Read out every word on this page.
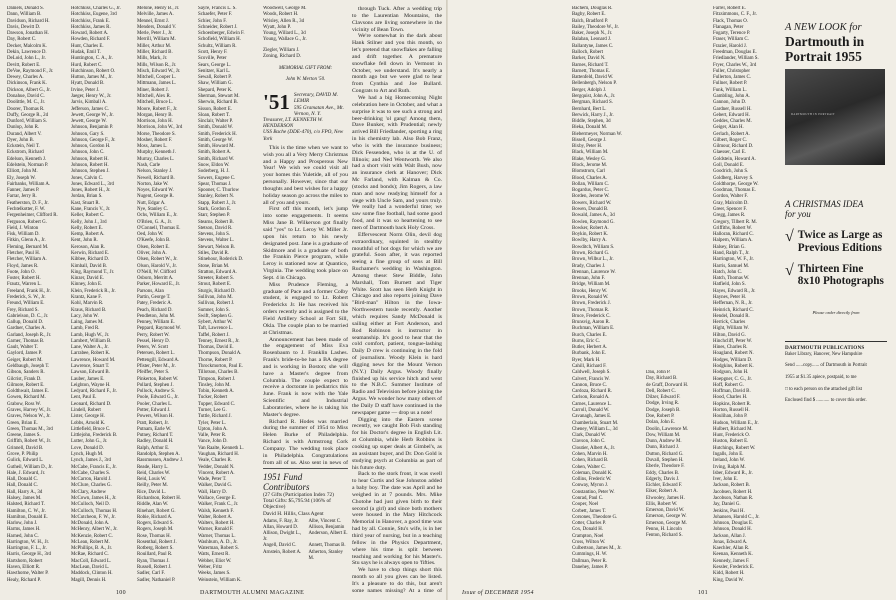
Daniels, Donald S.
Dann, William B.
Davidson, Richard H.
Davis, Dewitt D.
Dawson, Jonathan H.
Day, Robert C.
Decker, Malcolm K.
Dekin, Lawrence D.
DeLoid, John L., Jr.
Devitt, Robert E.
DeVoe, Raymond F., Jr.
Dewey, Charles A.
Dickinson, Frank K.
Dickson, Albert G., Jr.
Donahue, David C.
Doolittle, M. C., Jr.
Doorer, Thomas R.
Duffy, George R., 2d
Dunford, William S.
Dunlop, John R.
Durand, Albert V.
Dyer, John B.
Eckstein, Neil T.
Eckstrom, Richard
Edelson, Kenneth J.
Edelstein, Norman P.
Elliott, John M.
Ely, Joseph W.
Fairbanks, William A.
Fanner, James P.
Farrar, Jerry R.
Featherston, D. F., Jr.
Fechtelkotter, F. W.
Fergenheimer, Clifford R.
Ferguson, Robert G.
Field, J. Winton
Fisk, William D.
Fitkin, Glenn A., Jr.
Fleming, Bernard M.
Fletcher, Paul H.
Fletcher, William A.
Floyd, James R.
Foote, John O.
Foster, Robert H.
Frautz, Warren L.
Freeland, Frank H., Jr.
Frederick, S. W., Jr.
Freund, William E.
Frey, Richard S.
Gabrielson, D. C., Jr.
Gallup, Donald D.
Gardner, Charles A.
Garland, Joseph R., Jr.
Garner, Thomas B.
Gault, Walter T.
Gaylord, James P.
Geiger, Robert M.
Geldbaugh, Joseph T.
Gibson, Sanders R.
Gilcrist, Frank D.
Gilmore, Robert E.
Goldthwait, James E.
Gowen, Richard M.
Grabow, Ross W.
Graves, Harvey W., Jr.
Graves, Nelson W., Jr.
Green, Brian E.
Green, Thomas M., 3rd
Greene, James S.
Griffith, Robert W., Jr.
Grinnell, David B.
Grove, P. Philip
Gulick, Edward L.
Gutheil, William D., Jr.
Hale, J. Edward, Jr.
Hall, Donald C.
Hall, Donald C.
Hall, Harry A., 3d
Halsey, James M.
Halsted, Richard T.
Hamilton, C. W., Jr.
Hamilton, Donald E.
Harlow, John J.
Harms, James H.
Harned, John C.
Harrington, W. H., Jr.
Harrington, F. L., Jr.
Harris, George H., 3rd
Hartshorn, Robert
Haven, Elliott R.
Hawthorne, Walter P.
Healy, Richard P.
Hotchkiss, Charles G., Jr.
Hotchkiss, Eugene, 3rd
Hotchkiss, Frank E.
Hotchkiss, James R.
Howard, Robert A.
Howden, Richard F.
Hunt, Charles E.
Hudak, Emil T.
Huntington, C. A., Jr.
Hurd, Robert C.
Hutchinson, Robert O.
Hutton, James M., Jr.
Hyatt, Donald B.
Irvine, Peter J.
Jaeger, Henry W., Jr.
Jarvis, Kimball A.
Jefferson, James C.
Jewett, George W., Jr.
Jewett, George W.
Johnson, Benjamin P.
Johnson, Gary S.
Johnson, George F., Jr.
Johnson, Gordon H.
Johnson, John C.
Johnson, Robert H.
Johnson, Robert H.
Johnson, Stephen J.
Jones, Calvin C.
Jones, Edward L., 3rd
Jones, Robert H., Jr.
Jordan, Brian S.
Kast, Stuart R.
Kane, Francis V., Jr.
Keller, Robert C.
Kelly, John J., 3rd
Kelly, Robert E.
Kemp, Robert A.
Kent, John R.
Keroson, Alan R.
Kerwin, Richard E.
Kibbee, Richard D.
Kimball, David B.
King, Raymond T., Jr.
Kinzer, David E.
Kinney, John E.
Klein, Frederick R., Jr.
Krantz, Kane F.
Kohl, Marvin R.
Kraus, Richard B.
Lacy, John W.
Laing, James M.
Lamb, Fred R.
Lamb, Hugh W., Jr.
Lambert, William B.
Lane, Walter A., Jr.
Larrabee, Robert K.
Lawrence, Howard M.
Lawrence, Stuart T.
Lawson, Edward B.
Lauber, James E.
Leighton, Wayne H.
Ledyard, Richard F., Jr.
Lent, Paul E.
Leonard, Richard D.
Lindell, Robert
Lister, George H.
Lobbs, Arnold K.
Littlefield, Bruce C.
Littlejohn, Frederick B.
Lutter, John G., Jr.
Love, Donald D.
Lynch, Hugh M.
Lynch, James J., 3rd
McCabe, Francis E., Jr.
McCabe, Charles S.
McCarron, Harold J.
McClure, Charles G.
McClary, Andrew
McCown, James H., Jr.
McCulloch, Neil D.
McCulloch, Thomas H.
McCutcheon, F. W., Jr.
McDonald, John A.
McHenry, Albert W., Jr.
McKenzie, Robert C.
McLean, Robert M.
McPhillips, B. A., Jr.
McRae, Richard C.
MacColl, Edward L.
MacLean, David L.
Maddock, Clinton H.
Magill, Dennis H.
Melone, Henry B., Jr.
Melville, James A.
Mennel, Ernst J.
Menders, Donald V.
Merle, Peter J., Jr.
Merrill, William M.
Miller, Arthur M.
Miller, Richard B.
Mills, Mark, Jr.
Mills, Wilson R., Jr.
Misch, Edward W., Jr.
Mitchell, Cooper L.
Mittmann, James L.
Miner, Robert J.
Mitchell, Alex R.
Mitchell, Bruce L.
Moore, Robert F., Jr.
Morgan, Henry B.
Morrison, John H.
Morrison, John W., 3rd
Morse, Theodore S.
Mosher, Robert F.
Moss, James L.
Murphy, Kenneth J.
Murray, Charles L.
Nash, Carle
Nelson, Stanley J.
Newell, Richard B.
Norton, Jake W.
Noyes, Edward W.
Nugent, George R.
Nutt, Edgar A.
Nye, Stanley C.
Ochs, William E., Jr.
O'Brien, G. A., Jr.
O'Connell, Thomas E.
Oed, John W.
O'Keefe, John B.
Olsen, Robert E.
Oliver, John A.
Olsen, Robert W., Jr.
Olson, Harold V., Jr.
O'Neill, W. Clifford
Osborn, Merritt A.
Parker, Howard E., Jr.
Parsons, Alan
Partin, George T.
Patey, Frederic A.
Peach, Richard D.
Pendleton, John M.
Penney, William E.
Peppard, Raymond W.
Perry, Robert W.
Pessel, Henry D.
Peters, W. Scott
Petersen, Robert L.
Pettengill, Edward A.
Pfister, Peter M., Jr.
Pfeiffer, Peter S.
Pinkerton, Robert W.
Pollard, Stephen J.
Pollock, Andrew S.
Poole, Edward G., Jr.
Pooler, Charles L.
Potter, Edward J.
Powers, Wilson H.
Pratt, Robert, Jr.
Putnam, Earle W.
Putney, Richard T.
Radley, Donald H.
Ralph, Arthur E.
Randolph, Stephen A.
Rassmussen, Andrew J.
Reade, Harry L.
Reid, Charles W.
Reid, Louis W.
Reilly, Peter M.
Rice, David L.
Richardson, Robert H.
Riddle, Alan W.
Rinehart, Robert G.
Robie, Richard A.
Rogers, Edward S.
Rogers, Joseph M.
Rose, Thomas H.
Rosenthal, Robert J.
Rotberg, Robert S.
Rouillard, Paul R.
Ryan, Thomas J.
Russell, Robert J.
Sadler, Carl F.
Sadler, Nathaniel P.
Sayre, Francis L. S.
Schaefer, Peter F.
Schier, John F.
Schneider, Robert J.
Schoenberger, Edwin F.
Schofield, William H.
Schultz, William R.
Scott, Henry F.
Scoville, Peter
Sears, George L.
Senitzer, Karl L.
Sewall, Robert P.
Shaw, William G.
Shepard, Peter K.
Sherman, Stewart M.
Sherwin, Richard B.
Sisson, Robert E.
Sloan, Robert T.
Sinclair, Walter P.
Smith, Donald W.
Smith, Frederick H.
Smith, George W.
Smith, Howard M.
Smith, Robert A.
Smith, Richard W.
Snow, Eldon W.
Soderberg, H. J.
Sowers, Eugene C.
Spear, Thomas J.
Spooner, C. Thurlow
Stanley, Robert N.
Stapp, Robert J., Jr.
Stark, Gordon E.
Starr, Stephen P.
Stearns, Robert B.
Stetson, David R.
Stevens, John S.
Stevens, Walter L.
Stewart, Nelson B.
Stiles, David R.
Stinehour, Roderick D.
Stone, Brian M.
Stratton, Edward A.
Streeter, Robert S.
Strout, Robert E.
Sturgis, Richard D.
Sullivan, John M.
Sullivan, Robert J.
Sumner, John S.
Swift, Stephen G.
Sybert, Arthur W.
Taft, Lawrence L.
Taffel, Robert J.
Tenney, Ernest R., Jr.
Thomas, David E.
Thompson, Donald A.
Thorne, Robert P.
Throckmorton, Paul E.
Tillotson, Charles B.
Timpson, Robert J.
Tinsley, John M.
Tobin, Kenneth A.
Tucker, Robert
Tupper, Edward C.
Turner, Lee G.
Tuttle, Richard J.
Tyler, Peter L.
Upton, John A.
Valle, Peter R.
Vance, John D.
Van Raalte, Kenneth L.
Vaughan, Richard H.
Veale, Charles R.
Vedder, Donald N.
Vincent, Robert A.
Wade, Peter T.
Walker, David G.
Wall, Harry D.
Wallace, George E.
Walker, Frank C., Jr.
Walsh, Kenneth F.
Walter, Robert A.
Walters, Robert H.
Warner, Ronald F.
Warner, Thomas L.
Washburn, A. D., Jr.
Waterman, Robert S.
Watts, Ernest R.
Webber, Eliot W.
Weber, Fritz
Weeks, James S.
Weinstein, William K.
Woodwell, George M.
Woods, Robert H.
Wrisley, Allen R., 3d
Wyatt, John P.
Young, Willard L., 3d
Young, Wallace G., Jr.
Ziegler, William J.
Zoning, Richard D.
MEMORIAL GIFT FROM:
John W. Merton '50.
'51 Secretary, DAVID M. LEMIR
595 Gramatan Ave., Mt. Vernon, N. Y.
Treasurer, LT. KENNETH W. HENDERSON
USS Bache (DDE-470), c/o FPO, New York

This is the time when we want to wish you all a Very Merry Christmas and a Happy and Prosperous New Year! We wish we could visit all your homes this Yuletide, all of you personally. However, since that our thoughts and best wishes for a happy holiday season go across the miles to all of you and yours.

First off this month, let's jump into some engagements. It seems Miss Jane B. Wilkerson got finally said "yes" to Lt. Leroy W. Miller Jr. upon his return to his newly designated post. Jane is a graduate of Skidmore and is a graduate of both the Frankin Pierce program, while Leroy is stationed now at Quantico, Virginia. The wedding took place on Sept. 4 in Chicago.

Miss Prudence Fleming, a graduate of Pace and a former Colby student, is engaged to Lt. Robert Fredericks Jr. He has received his orders recently and is assigned to the Field Artillery School at Fort Sill, Okla. The couple plan to be married at Christmas.

Announcement has been made of the engagement of Miss Eva Rosenbaum to J. Franklin Lashes. Frank's bride-to-be has a BA degree and is working in Boston; she will have a Master's degree from Columbia. The couple expect to receive a doctorate in pediatrics this June. Frank is now with the Yale Scientific and Industrial Laboratories, where he is taking his Master's degree.

Richard R. Hodes was married during the summer of 1954 to Miss Helen Burke of Philadelphia. Richard is with Armstrong Cork Company. The wedding took place in Philadelphia. Congratulations from all of us. Also sent in news of

1951 Fund Contributors
(27 Gifts (Participation Index 72)
Total Gifts: $5,795.94 (106% of Objective)
David H. Hillis, Class Agent
Adams, F. Ray, Jr.	Albe, Vincent C.
Allan, Howard D.	Allison, Benjamin
Allison, Dwight L., Jr.
Anderson, Albert E.
Angell, David C.	Annett, Thomas B.
Arnstein, Robert A. Atherton, Stanley M.

through Tuck. After a wedding trip to the Laurentian Mountains, the Clavsons are living somewhere in the vicinity of Bean Town.

We're somewhat in the dark about Hank Stilner and you this month, so let's pretend that snowflakes are falling and drift together. A premature snowflake fell down in Vermont in October, we understand. It's nearly a month ago but we were glad to hear from Cynthia and Joe Bullard. Congrats to Art and Ruth.

We had a big Homecoming Night celebration here in October, and what a surprise it was to see such a strong and beer-drinking 'ol gang! Among them, Dave Bunker, with Prudential; newly arrived Bill Friedlander, sporting a ring in his chemistry lab. Also Bob Franz, who is with the insurance business; Dick Fessenden, who is at the U. of Illinois; and Ned Wentworth. We also had a short visit with Walt Bush, now an insurance clerk at Hanover; Dick Mc Farland, with Kalman & Co. (stocks and bonds); Jim Rogers, a law man and now readying himself for a siege with Uncle Sam, and yours truly. We really had a wonderful time; we saw some fine football, had some good food, and it was so heartening to see men of Dartmouth back Holy Cross.

Effervescent Norm Olin, devil dog extraordinary, squinted in stealthy mouthful of hot dogs for which we are grateful. Soon after, it was reported seeing a fine group of sons at Bill Ruchamer's wedding in Washington. Among these: Stew Biddle, John Marshall, Tom Burnett and Tiger White. Scott has seen Herb Knight in Chicago and also reports joining Dave "Bird-man" Hilton in the Iowa-Northwestern tussle recently. Another which requires Sandy McDonald is sailing either at Fort Anderson, and Rod Robinson is instructor in seamanship. It's good to hear that the cold comfort, patient, tongue-lashing Daily D crew is continuing in the fold of journalism. Woody Klein is hard digging news for the Mount Vernon (N.Y.) Daily Argus. Woody finally finished up his service hitch and went to the N.B.C. Summer Institute of Radio and Television before joining the Argus. We wonder how many others of the Daily D staff have continued in the newspaper game — drop us a note!

Digging into the Eastern scene recently, we caught Bob Fish standing for his Doctor's degree in English Lit. at Columbia, while Herb Robbins is cooking up super deals at Gimbel's, as an assistant buyer, and Dr. Don Gold is studying psych at Columbia as part of his future duty.

Back to the stork front, it was swell to hear Curtis and Sue Johnston added a baby boy. The date was April and he weighed in at 7 pounds. Mrs. Mike Chotohe had just given birth to their second (a girl) and since both mothers were housed in the Mary Hitchcock Memorial in Hanover, a good time was had by all. Connie, Stu's wife, is in her third year of nursing, but in a teaching fellow in the Physics Department, where his time is split between teaching and working for his Master's. Stu says he is always open to 'fifties.

We have to chop things short this month so all you gives can be listed. It's a pleasure to do this, but aren't some names missing? At a time of

100	DARTMOUTH ALUMNI MAGAZINE
Bachem, Douglas R.
Bagby, Robert E.
Balch, Bradford P.
Bailey, Theodore W., Jr.
Baker, Joseph N., Jr.
Balaban, Leonard J.
Ballantyne, James C.
Balloch, Robert
Barker, David N.
Barnes, Richard T.
Barnett, Thomas E.
Battenfeld, David W.
Bellenbergh, Nelson P.
Berger, Adolph J.
Bergquist, John A., Jr.
Bergman, Richard S.
Bernhard, Bert L.
Berwick, Harry J., Jr.
Biddle, Stephen, 3d
Bieka, Donald M.
Biebermeyer, Norman W.
Bissell, George J.
Bixby, Peter H.
Black, William M.
Blake, Wesley G.
Block, Jerome M.
Blomstrom, Carl
Blood, Charles A.
Bollan, William C.
Bogardus, Peter C.
Borden, Jerome W.
Bowers, Richard W.
Bowen, Donald B.
Bowald, James A., 3d
Bowlen, Raymond G.
Bowker, Robert A.
Boykin, Robert K.
Bowlby, Harry A.
Bowditch, William S.
Brown, Richard G.
Brown, Wilbur L., Jr.
Brady, Charles J.
Brennan, Laurence W.
Brennan, John F.
Bridge, William M.
Brooks, Henry W.
Brown, Ronald W.
Brown, Frederick J.
Brown, Thomas R.
Bruce, Frederick C.
Brunsvig, Aaron R.
Buchman, William E.
Burch, Charles E.
Burns, Eric C.
Butler, Herbert A.
Burbank, John E.
Byer, Mark H.
Cahill, Richard F.
Caldwell, Joseph S.
Calvert, Francis W.
Cannon, Bruce C.
Cardoza, Richard R.
Carlson, Ronald A.
Carnes, Laurence L.
Carroll, Donald W.
Cavanagh, James E.
Chamberlain, Stuart M.
Cheney, William L., 3d
Clark, Donald W.
Clavson, John C.
Cloutier, Albert A., Jr.
Cohen, Marvin H.
Cohen, Richard B.
Cohen, Walter C.
Coleman, Donald K.
Collins, Frederic W.
Conway, Myron J.
Constantino, Peter W.
Conrad, Paul C.
Cooper, Noel
Corbett, James T.
Corsones, Theodore G.
Cotter, Charles P.
Cox, Donald H.
Crampton, Noel
Cross, Wilton W.
Culbertson, James M., Jr.
Cummings, H. W.
Dallman, Peter R.
Danehey, James P.
Dau, John P.
Day, Richard B.
de Graff, Dorward H.
Dell, Robert C.
Dilzer, Edward F.
Dodge, Irving R.
Dodge, Joseph B.
Doe, Robert P.
Dolan, John E.
Doolin, Lawrence M.
Dow, William M.
Dunn, Andrew M.
Dunn, Richard J.
Dutton, Richard G.
Duvall, Stephen H.
Eberle, Theodore F.
Eddy, Charles B.
Edgerly, Davis J.
Eichler, Edward F.
Eiker, Robert A.
Elwooley, James H.
Ellis, Robert W.
Emerson, David W.
Emerson, George W.
Emerson, George M.
Penno, H. Lincoln
Fenton, Richard S.
Farrel, Robert E.
Fitzsimmons, C. F., Jr.
Flack, Thomas O.
Flanagan, Peter
Fogarty, Terence P.
Fraser, William C.
Frazier, Harold J.
Freedman, Douglas E.
Friedlander, William S.
Fryer, Charles W., 3rd
Fuller, Christopher
Fullerton, James C.
Fullner, Robert P.
Funk, William L.
Gambling, John A.
Gannon, John D.
Gardner, Russell H.
Gebert, Edward H.
Geddes, Charles M.
Geiger, Alan H.
Gerlach, Robert A.
Gilbert, Roger C.
Gilmour, Richard D.
Glaesser, Carl E.
Goldstein, Howard A.
Goll, Donald E.
Goodrich, John S.
Goldberg, Harvey S.
Goldthorpe, George W.
Goodman, Thomas E.
Gordon, Walter F.
Gray, Malcolm D.
Greer, Spencer F.
Gregg, James R.
Gregory, Tilbert R. M.
Griffiths, Robert W.
Halloran, Richard C.
Halpern, William A.
Halsey, Brian G.
Hand, Ralph T., Jr.
Harrington, W. F., Jr.
Harris, Samuel M.
Hatch, John C.
Hatch, Thomas W.
Hatfield, John S.
Hayes, Edward R., Jr.
Haynes, Peter H.
Heffernan, N. R., Jr.
Heinrich, Richard C.
Hendel, Donald R.
Herrick, Charles
Hight, William W.
Hilton, David G.
Hinchcliff, Peter W.
Hines, Charles R.
Hoagland, Robert N.
Hodges, William D.
Hodgkins, Robert K.
Hodgson, John H.
Hoepgner, C. G., Jr.
Hoff, Robert G.
Hoffman, David B.
Hood, Charles H.
Hopkins, Robert R.
Horton, Russell H.
Houlihan, John P.
Hudson, William E., Jr.
Hulbert, Richard M.
Hunt, Frederick O.
Huston, Robert E.
Hutchings, Robert W.
Ingalls, John E.
Ireland, John W.
Irving, Ralph M.
Isber, Edward R., Jr.
Iver, John E.
Jackson, Robert B.
Jacobsen, Robert H.
Jacobson, Nathan R.
Jay, Daniel G.
Jenkins, Paul H.
Johansen, Harold C., Jr.
Johnson, Douglas E.
Johnson, Donald H.
Jackson, Allan J.
Jonas, Edward A.
Kaechler, Allan R.
Keenan, Kenneth K.
Kennedy, James F.
Kessler, Frederick E.
Kidd, Robert H.
King, David W.
A NEW LOOK for
Dartmouth in
Portrait 1955
DARTMOUTH IN PORTRAIT
A CHRISTMAS IDEA
for you
√ Twice as Large as Previous Editions
√ Thirteen Fine 8x10 Photographs
Please order directly from
DARTMOUTH PUBLICATIONS
Baker Library, Hanover, New Hampshire
Send ......copy...... of Dartmouth in Portrait
1955 at $1.35 apiece, postpaid, to me
□ to each person on the attached gift list
Enclosed find $ ........... to cover this order.
Issue of DECEMBER 1954	101
